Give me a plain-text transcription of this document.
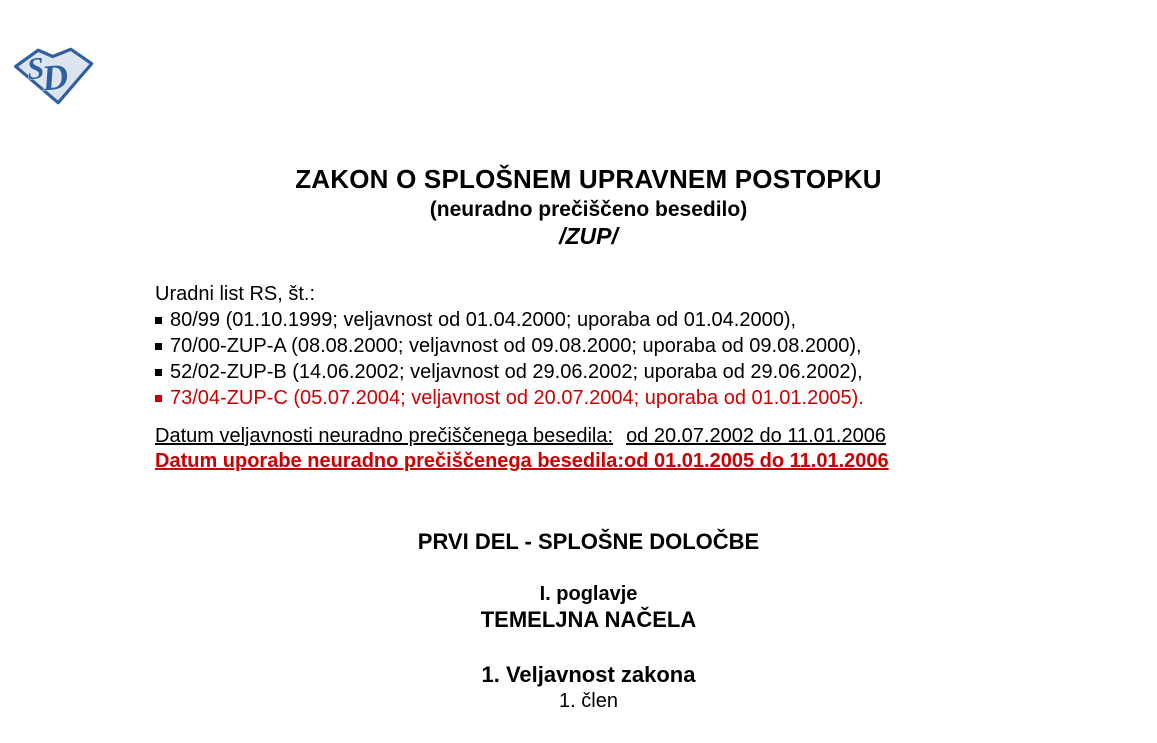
S
D
ZAKON O SPLOŠNEM UPRAVNEM POSTOPKU
(neuradno prečiščeno besedilo)
/ZUP/
Uradni list RS, št.:
80/99 (01.10.1999; veljavnost od 01.04.2000; uporaba od 01.04.2000),
70/00-ZUP-A (08.08.2000; veljavnost od 09.08.2000; uporaba od 09.08.2000),
52/02-ZUP-B (14.06.2002; veljavnost od 29.06.2002; uporaba od 29.06.2002),
73/04-ZUP-C (05.07.2004; veljavnost od 20.07.2004; uporaba od 01.01.2005).
Datum veljavnosti neuradno prečiščenega besedila: od 20.07.2002 do 11.01.2006
Datum uporabe neuradno prečiščenega besedila:od 01.01.2005 do 11.01.2006
PRVI DEL - SPLOŠNE DOLOČBE
I. poglavje
TEMELJNA NAČELA
1. Veljavnost zakona
1. člen
